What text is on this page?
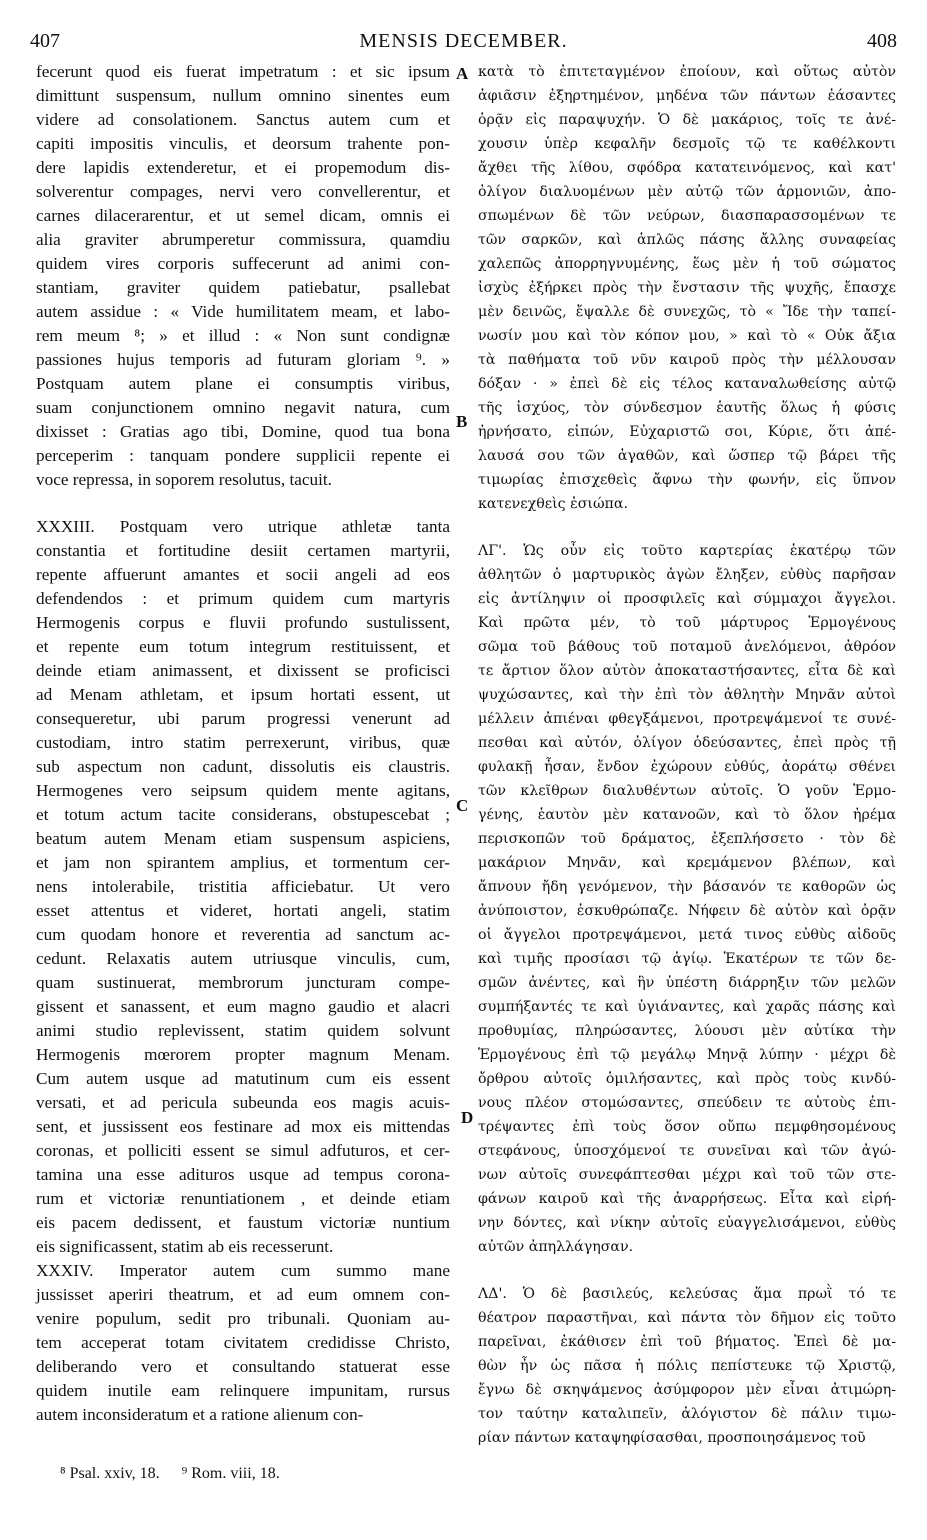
407	MENSIS DECEMBER.	408
fecerunt quod eis fuerat impetratum : et sic ipsum
dimittunt suspensum, nullum omnino sinentes eum
videre ad consolationem. Sanctus autem cum et
capiti impositis vinculis, et deorsum trahente pon-
dere lapidis extenderetur, et ei propemodum dis-
solverentur compages, nervi vero convellerentur, et
carnes dilacerarentur, et ut semel dicam, omnis ei
alia graviter abrumperetur commissura, quamdiu
quidem vires corporis suffecerunt ad animi con-
stantiam, graviter quidem patiebatur, psallebat
autem assidue : « Vide humilitatem meam, et labo-
rem meum ⁸; » et illud : « Non sunt condignæ
passiones hujus temporis ad futuram gloriam ⁹. »
Postquam autem plane ei consumptis viribus,
suam conjunctionem omnino negavit natura, cum
dixisset : Gratias ago tibi, Domine, quod tua bona
perceperim : tanquam pondere supplicii repente ei
voce repressa, in soporem resolutus, tacuit.
XXXIII. Postquam vero utrique athletæ tanta
constantia et fortitudine desiit certamen martyrii,
repente affuerunt amantes et socii angeli ad eos
defendendos : et primum quidem cum martyris
Hermogenis corpus e fluvii profundo sustulissent,
et repente eum totum integrum restituissent, et
deinde etiam animassent, et dixissent se proficisci
ad Menam athletam, et ipsum hortati essent, ut
consequeretur, ubi parum progressi venerunt ad
custodiam, intro statim perrexerunt, viribus, quæ
sub aspectum non cadunt, dissolutis eis claustris.
Hermogenes vero seipsum quidem mente agitans,
et totum actum tacite considerans, obstupescebat ;
beatum autem Menam etiam suspensum aspiciens,
et jam non spirantem amplius, et tormentum cer-
nens intolerabile, tristitia afficiebatur. Ut vero
esset attentus et videret, hortati angeli, statim
cum quodam honore et reverentia ad sanctum ac-
cedunt. Relaxatis autem utriusque vinculis, cum,
quam sustinuerat, membrorum juncturam compe-
gissent et sanassent, et eum magno gaudio et alacri
animi studio replevissent, statim quidem solvunt
Hermogenis mœrorem propter magnum Menam.
Cum autem usque ad matutinum cum eis essent
versati, et ad pericula subeunda eos magis acuis-
sent, et jussissent eos festinare ad mox eis mittendas
coronas, et polliciti essent se simul adfuturos, et cer-
tamina una esse adituros usque ad tempus corona-
rum et victoriæ renuntiationem , et deinde etiam
eis pacem dedissent, et faustum victoriæ nuntium
eis significassent, statim ab eis recesserunt.
XXXIV. Imperator autem cum summo mane
jussisset aperiri theatrum, et ad eum omnem con-
venire populum, sedit pro tribunali. Quoniam au-
tem acceperat totam civitatem credidisse Christo,
deliberando vero et consultando statuerat esse
quidem inutile eam relinquere impunitam, rursus
autem inconsideratum et a ratione alienum con-
κατὰ τὸ ἐπιτεταγμένον ἐποίουν, καὶ οὕτως αὐτὸν
ἀφιᾶσιν ἐξηρτημένον, μηδένα τῶν πάντων ἐάσαντες
ὁρᾷν εἰς παραψυχήν. Ὁ δὲ μακάριος, τοῖς τε ἀνέ-
χουσιν ὑπὲρ κεφαλῆν δεσμοῖς τῷ τε καθέλκοντι
ἄχθει τῆς λίθου, σφόδρα κατατεινόμενος, καὶ κατ'
ὀλίγον διαλυομένων μὲν αὐτῷ τῶν ἁρμονιῶν, ἀπο-
σπωμένων δὲ τῶν νεύρων, διασπαρασσομένων τε
τῶν σαρκῶν, καὶ ἁπλῶς πάσης ἄλλης συναφείας
χαλεπῶς ἀπορρηγνυμένης, ἕως μὲν ἡ τοῦ σώματος
ἰσχὺς ἐξήρκει πρὸς τὴν ἔνστασιν τῆς ψυχῆς, ἔπασχε
μὲν δεινῶς, ἔψαλλε δὲ συνεχῶς, τὸ « Ἴδε τὴν ταπεί-
νωσίν μου καὶ τὸν κόπον μου, » καὶ τὸ « Οὐκ ἄξια
τὰ παθήματα τοῦ νῦν καιροῦ πρὸς τὴν μέλλουσαν
δόξαν · » ἐπεὶ δὲ εἰς τέλος καταναλωθείσης αὐτῷ
τῆς ἰσχύος, τὸν σύνδεσμον ἑαυτῆς ὅλως ἡ φύσις
ἠρνήσατο, εἰπών, Εὐχαριστῶ σοι, Κύριε, ὅτι ἀπέ-
λαυσά σου τῶν ἀγαθῶν, καὶ ὥσπερ τῷ βάρει τῆς
τιμωρίας ἐπισχεθεὶς ἄφνω τὴν φωνήν, εἰς ὕπνον
κατενεχθεὶς ἐσιώπα.
ΛΓ'. Ὡς οὖν εἰς τοῦτο καρτερίας ἑκατέρῳ τῶν
ἀθλητῶν ὁ μαρτυρικὸς ἀγὼν ἔληξεν, εὐθὺς παρῆσαν
εἰς ἀντίληψιν οἱ προσφιλεῖς καὶ σύμμαχοι ἄγγελοι.
Καὶ πρῶτα μέν, τὸ τοῦ μάρτυρος Ἑρμογένους
σῶμα τοῦ βάθους τοῦ ποταμοῦ ἀνελόμενοι, ἀθρόον
τε ἄρτιον ὅλον αὐτὸν ἀποκαταστήσαντες, εἶτα δὲ καὶ
ψυχώσαντες, καὶ τὴν ἐπὶ τὸν ἀθλητὴν Μηνᾶν αὐτοὶ
μέλλειν ἀπιέναι φθεγξάμενοι, προτρεψάμενοί τε συνέ-
πεσθαι καὶ αὐτόν, ὀλίγον ὁδεύσαντες, ἐπεὶ πρὸς τῇ
φυλακῇ ἦσαν, ἔνδον ἐχώρουν εὐθύς, ἀοράτῳ σθένει
τῶν κλεῖθρων διαλυθέντων αὐτοῖς. Ὁ γοῦν Ἑρμο-
γένης, ἑαυτὸν μὲν κατανοῶν, καὶ τὸ ὅλον ἠρέμα
περισκοπῶν τοῦ δράματος, ἐξεπλήσσετο · τὸν δὲ
μακάριον Μηνᾶν, καὶ κρεμάμενον βλέπων, καὶ
ἄπνουν ἤδη γενόμενον, τὴν βάσανόν τε καθορῶν ὡς
ἀνύποιστον, ἐσκυθρώπαζε. Νήφειν δὲ αὐτὸν καὶ ὁρᾷν
οἱ ἄγγελοι προτρεψάμενοι, μετά τινος εὐθὺς αἰδοῦς
καὶ τιμῆς προσίασι τῷ ἁγίῳ. Ἑκατέρων τε τῶν δε-
σμῶν ἀνέντες, καὶ ἣν ὑπέστη διάρρηξιν τῶν μελῶν
συμπήξαντές τε καὶ ὑγιάναντες, καὶ χαρᾶς πάσης καὶ
προθυμίας, πληρώσαντες, λύουσι μὲν αὐτίκα τὴν
Ἑρμογένους ἐπὶ τῷ μεγάλῳ Μηνᾷ λύπην · μέχρι δὲ
ὄρθρου αὐτοῖς ὁμιλήσαντες, καὶ πρὸς τοὺς κινδύ-
νους πλέον στομώσαντες, σπεύδειν τε αὐτοὺς ἐπι-
τρέψαντες ἐπὶ τοὺς ὅσον οὔπω πεμφθησομένους
στεφάνους, ὑποσχόμενοί τε συνεῖναι καὶ τῶν ἀγώ-
νων αὐτοῖς συνεφάπτεσθαι μέχρι καὶ τοῦ τῶν στε-
φάνων καιροῦ καὶ τῆς ἀναρρήσεως. Εἶτα καὶ εἰρή-
νην δόντες, καὶ νίκην αὐτοῖς εὐαγγελισάμενοι, εὐθὺς
αὐτῶν ἀπηλλάγησαν.
ΛΔ'. Ὁ δὲ βασιλεύς, κελεύσας ἅμα πρωῒ τό τε
θέατρον παραστῆναι, καὶ πάντα τὸν δῆμον εἰς τοῦτο
παρεῖναι, ἐκάθισεν ἐπὶ τοῦ βήματος. Ἐπεὶ δὲ μα-
θὼν ἦν ὡς πᾶσα ἡ πόλις πεπίστευκε τῷ Χριστῷ,
ἔγνω δὲ σκηψάμενος ἀσύμφορον μὲν εἶναι ἀτιμώρη-
τον ταύτην καταλιπεῖν, ἀλόγιστον δὲ πάλιν τιμω-
ρίαν πάντων καταψηφίσασθαι, προσποιησάμενος τοῦ
A
B
C
D
⁸ Psal. xxiv, 18. ⁹ Rom. viii, 18.
